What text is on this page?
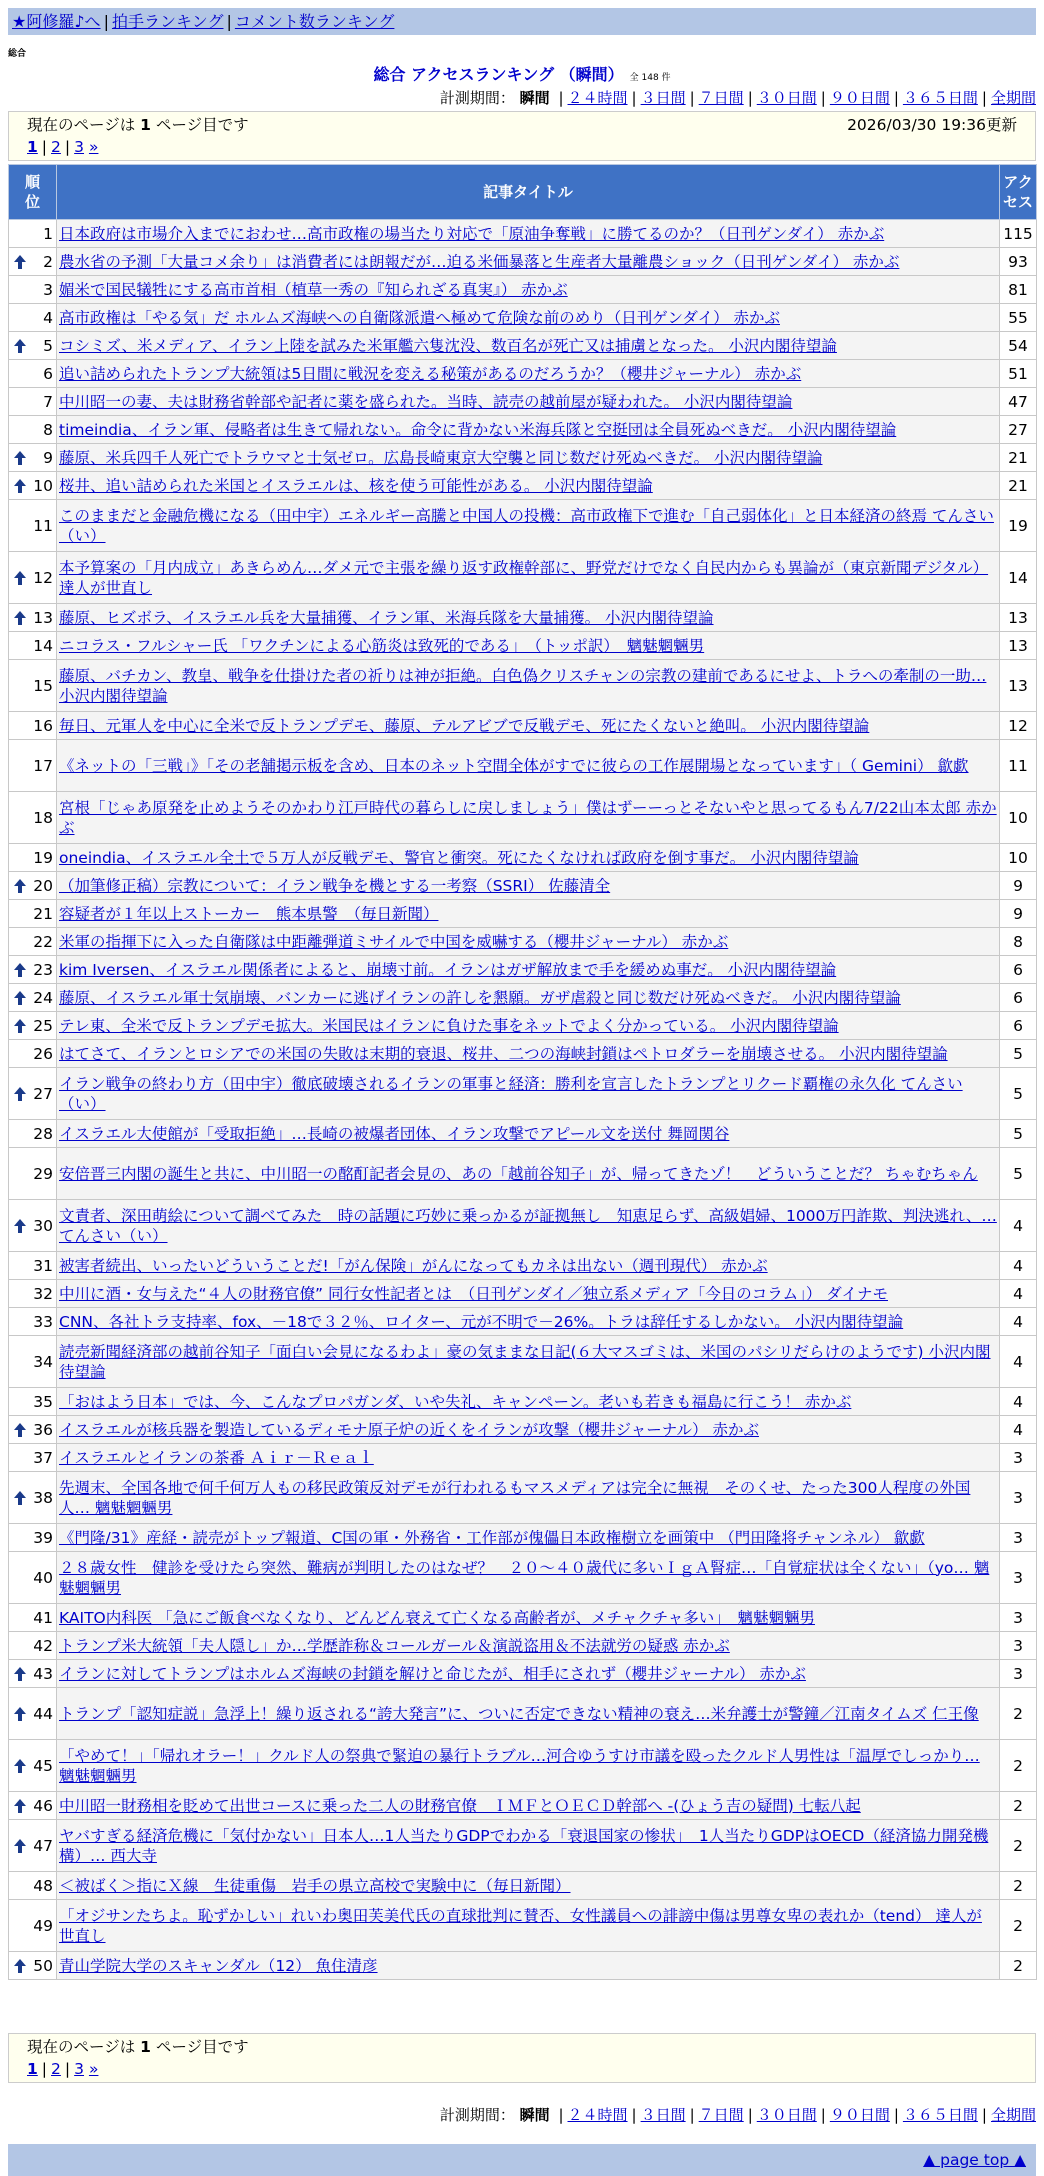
★阿修羅♪へ | 拍手ランキング | コメント数ランキング
総合
総合 アクセスランキング （瞬間） 全 148 件
計測期間： 瞬間 | ２４時間 | ３日間 | ７日間 | ３０日間 | ９０日間 | ３６５日間 | 全期間
現在のページは 1 ページ目です	2026/03/30 19:36更新
1 | 2 | 3 »
順
位	記事タイトル	アク
セス
1	日本政府は市場介入までにおわせ…高市政権の場当たり対応で「原油争奪戦」に勝てるのか？（日刊ゲンダイ） 赤かぶ	115

2	農水省の予測「大量コメ余り」は消費者には朗報だが…迫る米価暴落と生産者大量離農ショック（日刊ゲンダイ） 赤かぶ	93
3	媚米で国民犠牲にする高市首相（植草一秀の『知られざる真実』） 赤かぶ	81
4	高市政権は「やる気」だ ホルムズ海峡への自衛隊派遣へ極めて危険な前のめり（日刊ゲンダイ） 赤かぶ	55

5	コシミズ、米メディア、イラン上陸を試みた米軍艦六隻沈没、数百名が死亡又は捕虜となった。 小沢内閣待望論	54
6	追い詰められたトランプ大統領は5日間に戦況を変える秘策があるのだろうか？（櫻井ジャーナル） 赤かぶ	51
7	中川昭一の妻、夫は財務省幹部や記者に薬を盛られた。当時、読売の越前屋が疑われた。 小沢内閣待望論	47
8	timeindia、イラン軍、侵略者は生きて帰れない。命令に背かない米海兵隊と空挺団は全員死ぬべきだ。 小沢内閣待望論	27

9	藤原、米兵四千人死亡でトラウマと士気ゼロ。広島長崎東京大空襲と同じ数だけ死ぬべきだ。 小沢内閣待望論	21

10	桜井、追い詰められた米国とイスラエルは、核を使う可能性がある。 小沢内閣待望論	21
11	このままだと金融危機になる（田中宇）エネルギー高騰と中国人の投機：高市政権下で進む「自己弱体化」と日本経済の終焉 てんさい（い）	19

12	本予算案の「月内成立」あきらめん…ダメ元で主張を繰り返す政権幹部に、野党だけでなく自民内からも異論が（東京新聞デジタル） 達人が世直し	14

13	藤原、ヒズボラ、イスラエル兵を大量捕獲、イラン軍、米海兵隊を大量捕獲。 小沢内閣待望論	13
14	ニコラス・フルシャー氏 「ワクチンによる心筋炎は致死的である」　（トッポ訳）　魑魅魍魎男	13
15	藤原、バチカン、教皇、戦争を仕掛けた者の祈りは神が拒絶。白色偽クリスチャンの宗教の建前であるにせよ、トラへの牽制の一助… 小沢内閣待望論	13
16	毎日、元軍人を中心に全米で反トランプデモ、藤原、テルアビブで反戦デモ、死にたくないと絶叫。 小沢内閣待望論	12
17	《ネットの「三戦」》「その老舗掲示板を含め、日本のネット空間全体がすでに彼らの工作展開場となっています」（ Gemini） 歙歔	11
18	宮根「じゃあ原発を止めようそのかわり江戸時代の暮らしに戻しましょう」僕はずーーっとそないやと思ってるもん7/22山本太郎 赤かぶ	10
19	oneindia、イスラエル全土で５万人が反戦デモ、警官と衝突。死にたくなければ政府を倒す事だ。 小沢内閣待望論	10

20	（加筆修正稿）宗教について：イラン戦争を機とする一考察（SSRI） 佐藤清全	9
21	容疑者が１年以上ストーカー　熊本県警　（毎日新聞）	9
22	米軍の指揮下に入った自衛隊は中距離弾道ミサイルで中国を威嚇する（櫻井ジャーナル） 赤かぶ	8

23	kim Iversen、イスラエル関係者によると、崩壊寸前。イランはガザ解放まで手を緩めぬ事だ。 小沢内閣待望論	6

24	藤原、イスラエル軍士気崩壊、バンカーに逃げイランの許しを懇願。ガザ虐殺と同じ数だけ死ぬべきだ。 小沢内閣待望論	6

25	テレ東、全米で反トランプデモ拡大。米国民はイランに負けた事をネットでよく分かっている。 小沢内閣待望論	6
26	はてさて、イランとロシアでの米国の失敗は末期的衰退、桜井、二つの海峡封鎖はペトロダラーを崩壊させる。 小沢内閣待望論	5

27	イラン戦争の終わり方（田中宇）徹底破壊されるイランの軍事と経済：勝利を宣言したトランプとリクード覇権の永久化 てんさい（い）	5
28	イスラエル大使館が「受取拒絶」…長崎の被爆者団体、イラン攻撃でアピール文を送付 舞岡関谷	5
29	安倍晋三内閣の誕生と共に、中川昭一の酩酊記者会見の、あの「越前谷知子」が、帰ってきたゾ！　どういうことだ？ ちゃむちゃん	5

30	文責者、深田萌絵について調べてみた　時の話題に巧妙に乗っかるが証拠無し　知恵足らず、高級娼婦、1000万円詐欺、判決逃れ、… てんさい（い）	4
31	被害者続出、いったいどういうことだ!「がん保険」がんになってもカネは出ない（週刊現代） 赤かぶ	4
32	中川に酒・女与えた“４人の財務官僚” 同行女性記者とは　（日刊ゲンダイ／独立系メディア「今日のコラム」） ダイナモ	4
33	CNN、各社トラ支持率、fox、－18で３２％、ロイター、元が不明で－26%。トラは辞任するしかない。 小沢内閣待望論	4
34	読売新聞経済部の越前谷知子「面白い会見になるわよ」豪の気ままな日記(６大マスゴミは、米国のパシリだらけのようです) 小沢内閣待望論	4
35	「おはよう日本」では、今、こんなプロパガンダ、いや失礼、キャンペーン。老いも若きも福島に行こう！ 赤かぶ	4

36	イスラエルが核兵器を製造しているディモナ原子炉の近くをイランが攻撃（櫻井ジャーナル） 赤かぶ	4
37	イスラエルとイランの茶番 Ａｉｒ－Ｒｅａｌ	3

38	先週末、全国各地で何千何万人もの移民政策反対デモが行われるもマスメディアは完全に無視　そのくせ、たった300人程度の外国人… 魑魅魍魎男	3
39	《門隆/31》産経・読売がトップ報道、C国の軍・外務省・工作部が傀儡日本政権樹立を画策中 （門田隆将チャンネル） 歙歔	3
40	２８歳女性　健診を受けたら突然、難病が判明したのはなぜ？　２０～４０歳代に多いＩｇＡ腎症…「自覚症状は全くない」（yo… 魑魅魍魎男	3
41	KAITO内科医 「急にご飯食べなくなり、どんどん衰えて亡くなる高齢者が、メチャクチャ多い」　魑魅魍魎男	3
42	トランプ米大統領「夫人隠し」か…学歴詐称＆コールガール＆演説盗用＆不法就労の疑惑 赤かぶ	3

43	イランに対してトランプはホルムズ海峡の封鎖を解けと命じたが、相手にされず（櫻井ジャーナル） 赤かぶ	3

44	トランプ「認知症説」急浮上！繰り返される“誇大発言”に、ついに否定できない精神の衰え…米弁護士が警鐘／江南タイムズ 仁王像	2

45	「やめて！」「帰れオラー！」クルド人の祭典で緊迫の暴行トラブル…河合ゆうすけ市議を殴ったクルド人男性は「温厚でしっかり… 魑魅魍魎男	2

46	中川昭一財務相を貶めて出世コースに乗った二人の財務官僚　ＩＭＦとＯＥＣＤ幹部へ -(ひょう吉の疑問) 七転八起	2

47	ヤバすぎる経済危機に「気付かない」日本人…1人当たりGDPでわかる「衰退国家の惨状」　1人当たりGDPはOECD（経済協力開発機構）… 西大寺	2
48	＜被ばく＞指にＸ線　生徒重傷　岩手の県立高校で実験中に（毎日新聞）	2
49	「オジサンたちよ。恥ずかしい」れいわ奥田芙美代氏の直球批判に賛否、女性議員への誹謗中傷は男尊女卑の表れか（tend） 達人が世直し	2

50	青山学院大学のスキャンダル（12） 魚住清彦	2
現在のページは 1 ページ目です
1 | 2 | 3 »
計測期間： 瞬間 | ２４時間 | ３日間 | ７日間 | ３０日間 | ９０日間 | ３６５日間 | 全期間
▲ page top ▲
